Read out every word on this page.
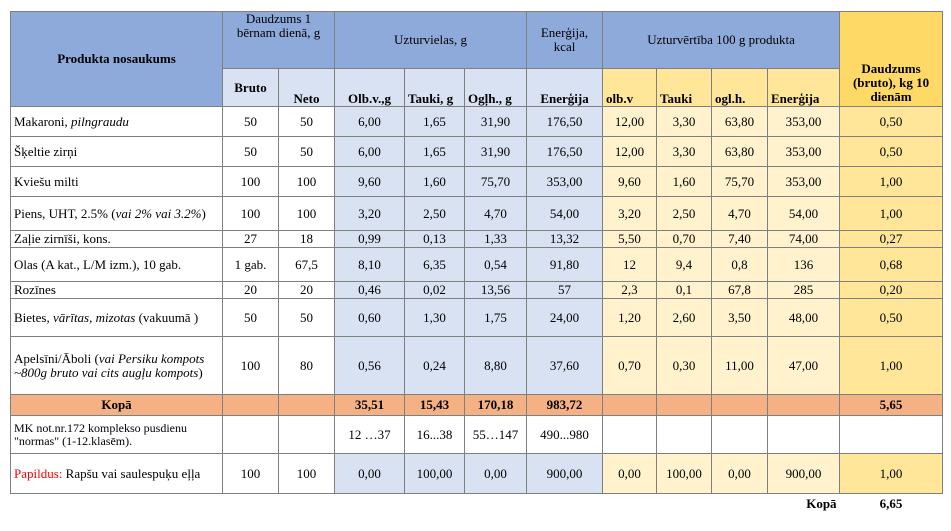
Produkta nosaukums	Daudzums 1 bērnam dienā, g		Uzturvielas, g			Enerģija, kcal	Uzturvērtība 100 g produkta				Daudzums (bruto), kg 10 dienām
	Bruto	Neto	Olb.v.,g	Tauki, g	Ogļh., g	Enerģija	olb.v	Tauki	ogl.h.	Enerģija	
Makaroni, pilngraudu	50	50	6,00	1,65	31,90	176,50	12,00	3,30	63,80	353,00	0,50
Šķeltie zirņi	50	50	6,00	1,65	31,90	176,50	12,00	3,30	63,80	353,00	0,50
Kviešu milti	100	100	9,60	1,60	75,70	353,00	9,60	1,60	75,70	353,00	1,00
Piens, UHT, 2.5% (vai 2% vai 3.2%)	100	100	3,20	2,50	4,70	54,00	3,20	2,50	4,70	54,00	1,00
Zaļie zirnīši, kons.	27	18	0,99	0,13	1,33	13,32	5,50	0,70	7,40	74,00	0,27
Olas (A kat., L/M izm.), 10 gab.	1 gab.	67,5	8,10	6,35	0,54	91,80	12	9,4	0,8	136	0,68
Rozīnes	20	20	0,46	0,02	13,56	57	2,3	0,1	67,8	285	0,20
Bietes, vārītas, mizotas (vakuumā )	50	50	0,60	1,30	1,75	24,00	1,20	2,60	3,50	48,00	0,50
Apelsīni/Āboli (vai Persiku kompots ~800g bruto vai cits augļu kompots)	100	80	0,56	0,24	8,80	37,60	0,70	0,30	11,00	47,00	1,00
Kopā			35,51	15,43	170,18	983,72					5,65
MK not.nr.172 komplekso pusdienu "normas" (1-12.klasēm).			12 …37	16...38	55…147	490...980					
Papildus: Rapšu vai saulespuķu eļļa	100	100	0,00	100,00	0,00	900,00	0,00	100,00	0,00	900,00	1,00
										Kopā	6,65
